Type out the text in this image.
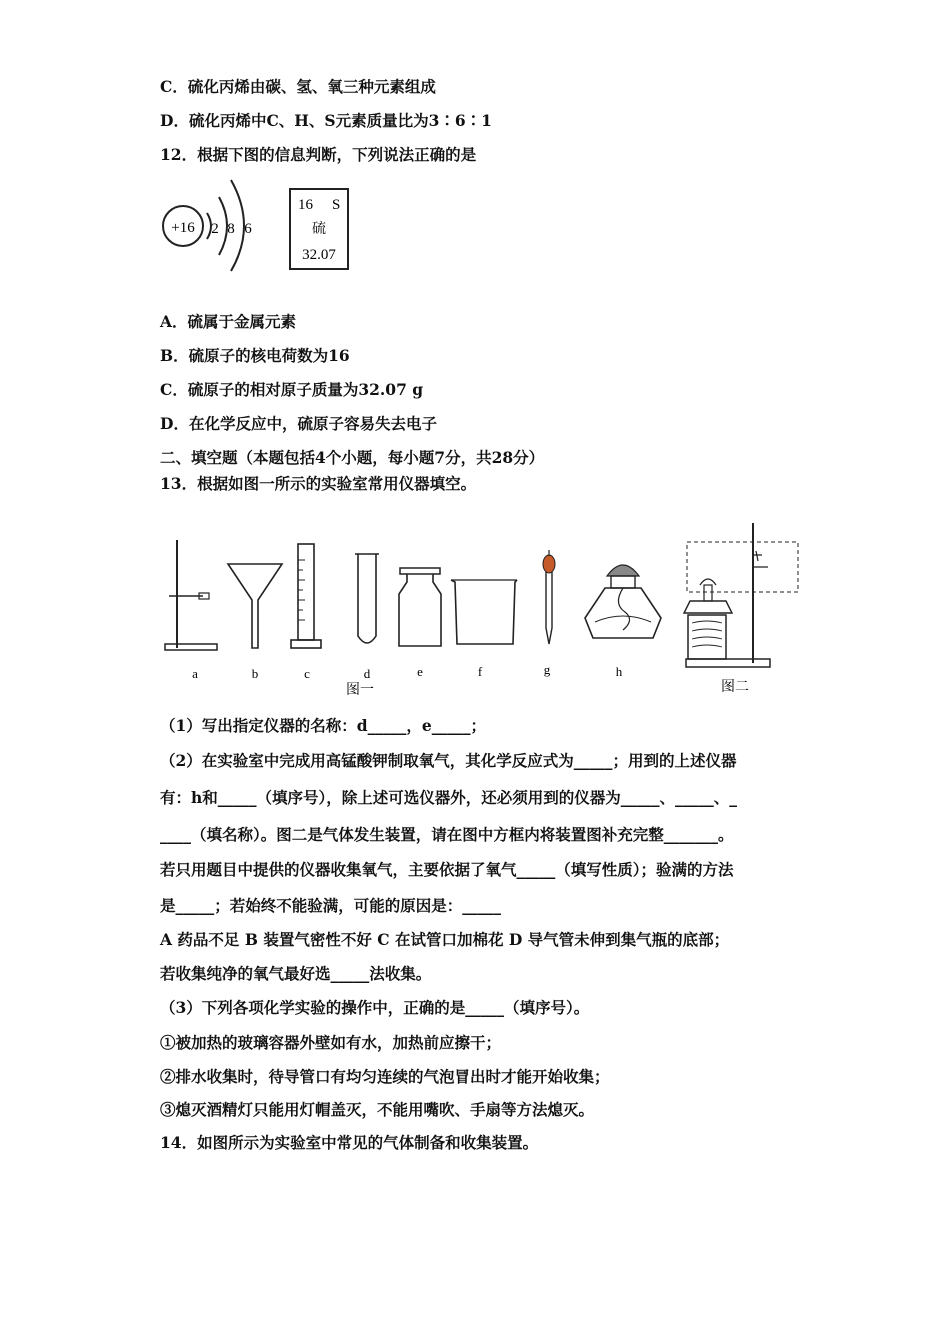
C．硫化丙烯由碳、氢、氧三种元素组成
D．硫化丙烯中C、H、S元素质量比为3∶6∶1
12．根据下图的信息判断，下列说法正确的是
+16 2 8 6
16 S
硫
32.07
A．硫属于金属元素
B．硫原子的核电荷数为16
C．硫原子的相对原子质量为32.07 g
D．在化学反应中，硫原子容易失去电子
二、填空题（本题包括4个小题，每小题7分，共28分）
13．根据如图一所示的实验室常用仪器填空。
a	b	c	d	e	f	g	h
图一	图二
（1）写出指定仪器的名称：d_____，e_____；
（2）在实验室中完成用高锰酸钾制取氧气，其化学反应式为_____；用到的上述仪器
有：h和_____（填序号），除上述可选仪器外，还必须用到的仪器为_____、_____、_
____（填名称）。图二是气体发生装置，请在图中方框内将装置图补充完整_______。
若只用题目中提供的仪器收集氧气，主要依据了氧气_____（填写性质）；验满的方法
是_____；若始终不能验满，可能的原因是：_____
A 药品不足 B 装置气密性不好 C 在试管口加棉花 D 导气管未伸到集气瓶的底部；
若收集纯净的氧气最好选_____法收集。
（3）下列各项化学实验的操作中，正确的是_____（填序号）。
①被加热的玻璃容器外壁如有水，加热前应擦干；
②排水收集时，待导管口有均匀连续的气泡冒出时才能开始收集；
③熄灭酒精灯只能用灯帽盖灭，不能用嘴吹、手扇等方法熄灭。
14．如图所示为实验室中常见的气体制备和收集装置。
